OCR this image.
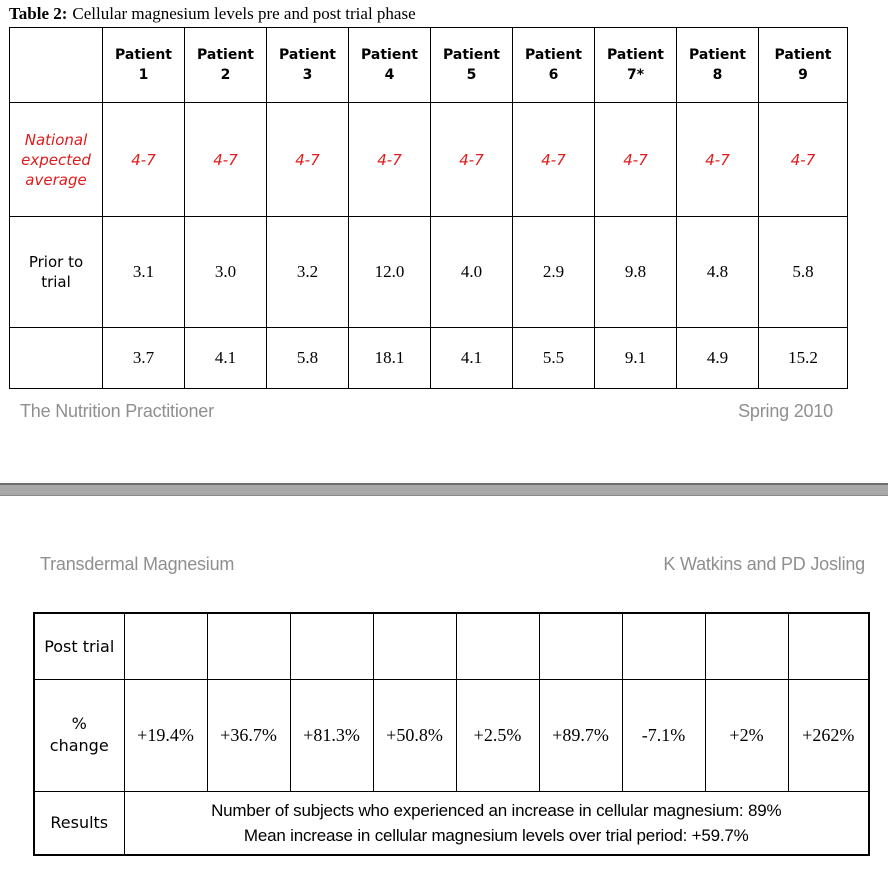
Table 2: Cellular magnesium levels pre and post trial phase
	Patient 1	Patient 2	Patient 3	Patient 4	Patient 5	Patient 6	Patient 7*	Patient 8	Patient 9
National expected average	4-7	4-7	4-7	4-7	4-7	4-7	4-7	4-7	4-7
Prior to trial	3.1	3.0	3.2	12.0	4.0	2.9	9.8	4.8	5.8
	3.7	4.1	5.8	18.1	4.1	5.5	9.1	4.9	15.2
The Nutrition Practitioner	Spring 2010
Transdermal Magnesium	K Watkins and PD Josling
Post trial									
% change	+19.4%	+36.7%	+81.3%	+50.8%	+2.5%	+89.7%	-7.1%	+2%	+262%
Results	Number of subjects who experienced an increase in cellular magnesium: 89%
Mean increase in cellular magnesium levels over trial period: +59.7%								
